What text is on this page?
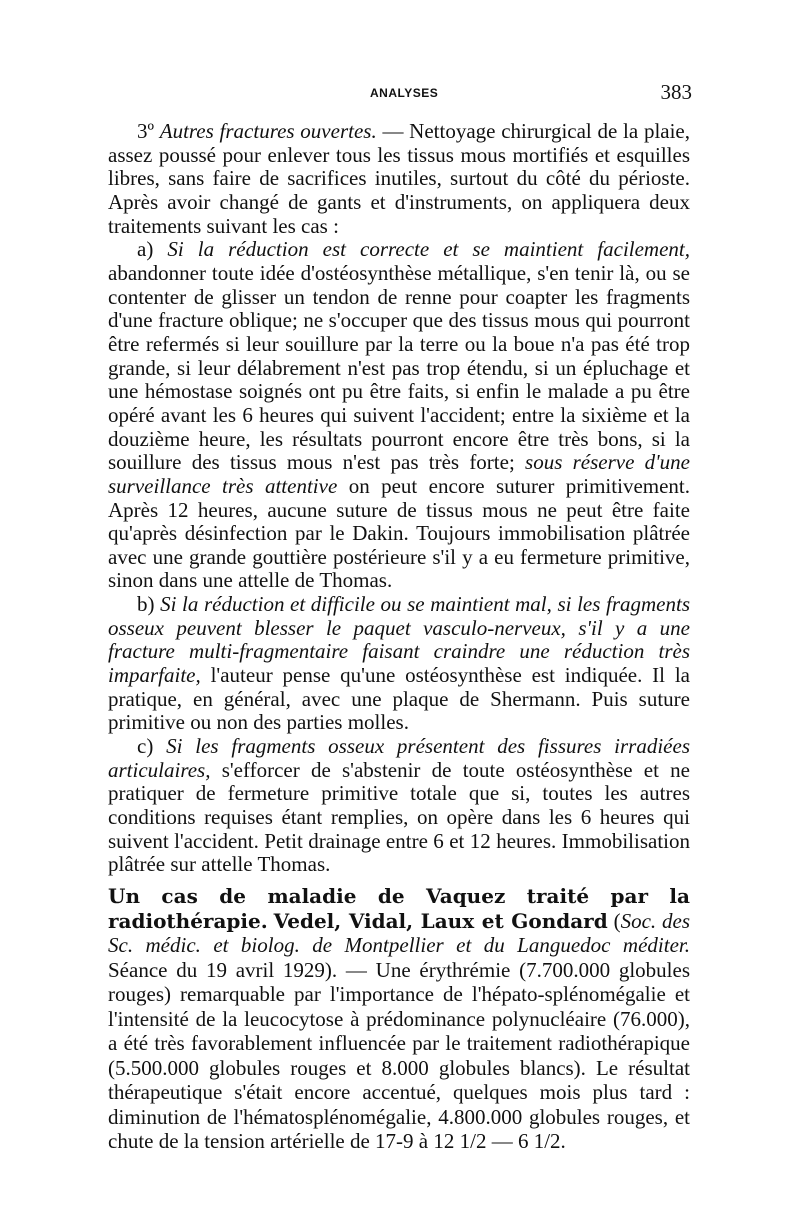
ANALYSES	383

3º Autres fractures ouvertes. — Nettoyage chirurgical de la plaie, assez poussé pour enlever tous les tissus mous mortifiés et esquilles libres, sans faire de sacrifices inutiles, surtout du côté du périoste. Après avoir changé de gants et d'instruments, on appliquera deux traitements suivant les cas :

a) Si la réduction est correcte et se maintient facilement, abandonner toute idée d'ostéosynthèse métallique, s'en tenir là, ou se contenter de glisser un tendon de renne pour coapter les fragments d'une fracture oblique; ne s'occuper que des tissus mous qui pourront être refermés si leur souillure par la terre ou la boue n'a pas été trop grande, si leur délabrement n'est pas trop étendu, si un épluchage et une hémostase soignés ont pu être faits, si enfin le malade a pu être opéré avant les 6 heures qui suivent l'accident; entre la sixième et la douzième heure, les résultats pourront encore être très bons, si la souillure des tissus mous n'est pas très forte; sous réserve d'une surveillance très attentive on peut encore suturer primitivement. Après 12 heures, aucune suture de tissus mous ne peut être faite qu'après désinfection par le Dakin. Toujours immobilisation plâtrée avec une grande gouttière postérieure s'il y a eu fermeture primitive, sinon dans une attelle de Thomas.

b) Si la réduction et difficile ou se maintient mal, si les fragments osseux peuvent blesser le paquet vasculo-nerveux, s'il y a une fracture multi-fragmentaire faisant craindre une réduction très imparfaite, l'auteur pense qu'une ostéosynthèse est indiquée. Il la pratique, en général, avec une plaque de Shermann. Puis suture primitive ou non des parties molles.

c) Si les fragments osseux présentent des fissures irradiées articulaires, s'efforcer de s'abstenir de toute ostéosynthèse et ne pratiquer de fermeture primitive totale que si, toutes les autres conditions requises étant remplies, on opère dans les 6 heures qui suivent l'accident. Petit drainage entre 6 et 12 heures. Immobilisation plâtrée sur attelle Thomas.

Un cas de maladie de Vaquez traité par la radiothérapie. Vedel, Vidal, Laux et Gondard (Soc. des Sc. médic. et biolog. de Montpellier et du Languedoc méditer. Séance du 19 avril 1929). — Une érythrémie (7.700.000 globules rouges) remarquable par l'importance de l'hépato-splénomégalie et l'intensité de la leucocytose à prédominance polynucléaire (76.000), a été très favorablement influencée par le traitement radiothérapique (5.500.000 globules rouges et 8.000 globules blancs). Le résultat thérapeutique s'était encore accentué, quelques mois plus tard : diminution de l'hématosplénomégalie, 4.800.000 globules rouges, et chute de la tension artérielle de 17-9 à 12 1/2 — 6 1/2.
